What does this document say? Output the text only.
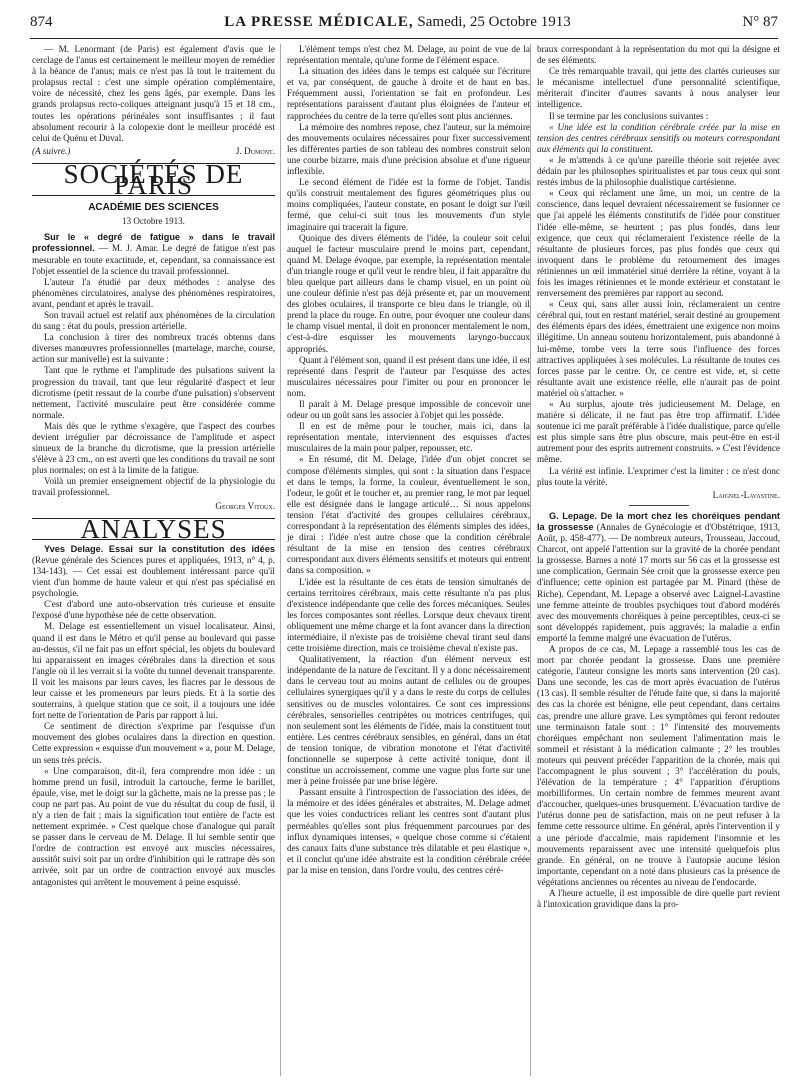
874	LA PRESSE MÉDICALE, Samedi, 25 Octobre 1913	N° 87

— M. Lenormant (de Paris) est également d'avis que le cerclage de l'anus est certainement le meilleur moyen de remédier à la béance de l'anus; mais ce n'est pas là tout le traitement du prolapsus rectal : c'est une simple opération complémentaire, voire de nécessité, chez les gens âgés, par exemple. Dans les grands prolapsus recto-coliques atteignant jusqu'à 15 et 18 cm., toutes les opérations périnéales sont insuffisantes ; il faut absolument recourir à la colopexie dont le meilleur procédé est celui de Quénu et Duval.

(A suivre.)	J. Dumont.
SOCIÉTÉS DE PARIS
ACADÉMIE DES SCIENCES
13 Octobre 1913.

Sur le « degré de fatigue » dans le travail professionnel. — M. J. Amar. Le degré de fatigue n'est pas mesurable en toute exactitude, et, cependant, sa connaissance est l'objet essentiel de la science du travail professionnel.

L'auteur l'a étudié par deux méthodes : analyse des phénomènes circulatoires, analyse des phénomènes respiratoires, avant, pendant et après le travail.

Son travail actuel est relatif aux phénomènes de la circulation du sang : état du pouls, pression artérielle.

La conclusion à tirer des nombreux tracés obtenus dans diverses manœuvres professionnelles (martelage, marche, course, action sur manivelle) est la suivante :

Tant que le rythme et l'amplitude des pulsations suivent la progression du travail, tant que leur régularité d'aspect et leur dicrotisme (petit ressaut de la courbe d'une pulsation) s'observent nettement, l'activité musculaire peut être considérée comme normale.

Mais dès que le rythme s'exagère, que l'aspect des courbes devient irrégulier par décroissance de l'amplitude et aspect sinueux de la branche du dicrotisme, que la pression artérielle s'élève à 23 cm., on est averti que les conditions du travail ne sont plus normales; on est à la limite de la fatigue.

Voilà un premier enseignement objectif de la physiologie du travail professionnel.

Georges Vitoux.
ANALYSES

Yves Delage. Essai sur la constitution des idées (Revue générale des Sciences pures et appliquées, 1913, n° 4, p. 134-143). — Cet essai est doublement intéressant parce qu'il vient d'un homme de haute valeur et qui n'est pas spécialisé en psychologie.

C'est d'abord une auto-observation très curieuse et ensuite l'exposé d'une hypothèse née de cette observation.

M. Delage est essentiellement un visuel localisateur. Ainsi, quand il est dans le Métro et qu'il pense au boulevard qui passe au-dessus, s'il ne fait pas un effort spécial, les objets du boulevard lui apparaissent en images cérébrales dans la direction et sous l'angle où il les verrait si la voûte du tunnel devenait transparente. Il voit les maisons par leurs caves, les fiacres par le dessous de leur caisse et les promeneurs par leurs pieds. Et à la sortie des souterrains, à quelque station que ce soit, il a toujours une idée fort nette de l'orientation de Paris par rapport à lui.

Ce sentiment de direction s'exprime par l'esquisse d'un mouvement des globes oculaires dans la direction en question. Cette expression « esquisse d'un mouvement » a, pour M. Delage, un sens très précis.

« Une comparaison, dit-il, fera comprendre mon idée : un homme prend un fusil, introduit la cartouche, ferme le barillet, épaule, vise, met le doigt sur la gâchette, mais ne la presse pas ; le coup ne part pas. Au point de vue du résultat du coup de fusil, il n'y a rien de fait ; mais la signification tout entière de l'acte est nettement exprimée. » C'est quelque chose d'analogue qui paraît se passer dans le cerveau de M. Delage. Il lui semble sentir que l'ordre de contraction est envoyé aux muscles nécessaires, aussitôt suivi soit par un ordre d'inhibition qui le rattrape dès son arrivée, soit par un ordre de contraction envoyé aux muscles antagonistes qui arrêtent le mouvement à peine esquissé.

L'élément temps n'est chez M. Delage, au point de vue de la représentation mentale, qu'une forme de l'élément espace.

La situation des idées dans le temps est calquée sur l'écriture et va, par conséquent, de gauche à droite et de haut en bas. Fréquemment aussi, l'orientation se fait en profondeur. Les représentations paraissent d'autant plus éloignées de l'auteur et rapprochées du centre de la terre qu'elles sont plus anciennes.

La mémoire des nombres repose, chez l'auteur, sur la mémoire des mouvements oculaires nécessaires pour fixer successivement les différentes parties de son tableau des nombres construit selon une courbe bizarre, mais d'une précision absolue et d'une rigueur inflexible.

Le second élément de l'idée est la forme de l'objet. Tandis qu'ils construit mentalement des figures géométriques plus ou moins compliquées, l'auteur constate, en posant le doigt sur l'œil fermé, que celui-ci suit tous les mouvements d'un style imaginaire qui tracerait la figure.

Quoique des divers éléments de l'idée, la couleur soit celui auquel le facteur musculaire prend le moins part, cependant, quand M. Delage évoque, par exemple, la représentation mentale d'un triangle rouge et qu'il veut le rendre bleu, il fait apparaître du bleu quelque part ailleurs dans le champ visuel, en un point où une couleur définie n'est pas déjà présente et, par un mouvement des globes oculaires, il transporte ce bleu dans le triangle, où il prend la place du rouge. En outre, pour évoquer une couleur dans le champ visuel mental, il doit en prononcer mentalement le nom, c'est-à-dire esquisser les mouvements laryngo-buccaux appropriés.

Quant à l'élément son, quand il est présent dans une idée, il est représenté dans l'esprit de l'auteur par l'esquisse des actes musculaires nécessaires pour l'imiter ou pour en prononcer le nom.

Il paraît à M. Delage presque impossible de concevoir une odeur ou un goût sans les associer à l'objet qui les possède.

Il en est de même pour le toucher, mais ici, dans la représentation mentale, interviennent des esquisses d'actes musculaires de la main pour palper, repousser, etc.

« En résumé, dit M. Delage, l'idée d'un objet concret se compose d'éléments simples, qui sont : la situation dans l'espace et dans le temps, la forme, la couleur, éventuellement le son, l'odeur, le goût et le toucher et, au premier rang, le mot par lequel elle est désignée dans le langage articulé… Si nous appelons tension l'état d'activité des groupes cellulaires cérébraux, correspondant à la représentation des éléments simples des idées, je dirai : l'idée n'est autre chose que la condition cérébrale résultant de la mise en tension des centres cérébraux correspondant aux divers éléments sensitifs et moteurs qui entrent dans sa composition. »

L'idée est la résultante de ces états de tension simultanés de certains territoires cérébraux, mais cette résultante n'a pas plus d'existence indépendante que celle des forces mécaniques. Seules les forces composantes sont réelles. Lorsque deux chevaux tirent obliquement une même charge et la font avancer dans la direction intermédiaire, il n'existe pas de troisième cheval tirant seul dans cette troisième direction, mais ce troisième cheval n'existe pas.

Qualitativement, la réaction d'un élément nerveux est indépendante de la nature de l'excitant. Il y a donc nécessairement dans le cerveau tout au moins autant de cellules ou de groupes cellulaires synergiques qu'il y a dans le reste du corps de cellules sensitives ou de muscles volontaires. Ce sont ces impressions cérébrales, sensorielles centripètes ou motrices centrifuges, qui non seulement sont les éléments de l'idée, mais la constituent tout entière. Les centres cérébraux sensibles, en général, dans un état de tension tonique, de vibration monotone et l'état d'activité fonctionnelle se superpose à cette activité tonique, dont il constitue un accroissement, comme une vague plus forte sur une mer à peine froissée par une brise légère.

Passant ensuite à l'introspection de l'association des idées, de la mémoire et des idées générales et abstraites, M. Delage admet que les voies conductrices reliant les centres sont d'autant plus perméables qu'elles sont plus fréquemment parcourues par des influx dynamiques intenses, « quelque chose comme si c'étaient des canaux faits d'une substance très dilatable et peu élastique », et il conclut qu'une idée abstraite est la condition cérébrale créée par la mise en tension, dans l'ordre voulu, des centres céré-

braux correspondant à la représentation du mot qui la désigne et de ses éléments.

Ce très remarquable travail, qui jette des clartés curieuses sur le mécanisme intellectuel d'une personnalité scientifique, mériterait d'inciter d'autres savants à nous analyser leur intelligence.

Il se termine par les conclusions suivantes :

« Une idée est la condition cérébrale créée par la mise en tension des centres cérébraux sensitifs ou moteurs correspondant aux éléments qui la constituent.

« Je m'attends à ce qu'une pareille théorie soit rejetée avec dédain par les philosophes spiritualistes et par tous ceux qui sont restés imbus de la philosophie dualistique cartésienne.

« Ceux qui réclament une âme, un moi, un centre de la conscience, dans lequel devraient nécessairement se fusionner ce que j'ai appelé les éléments constitutifs de l'idée pour constituer l'idée elle-même, se heurtent ; pas plus fondés, dans leur exigence, que ceux qui réclameraient l'existence réelle de la résultante de plusieurs forces, pas plus fondés que ceux qui invoquent dans le problème du retournement des images rétiniennes un œil immatériel situé derrière la rétine, voyant à la fois les images rétiniennes et le monde extérieur et constatant le renversement des premières par rapport au second.

« Ceux qui, sans aller aussi loin, réclameraient un centre cérébral qui, tout en restant matériel, serait destiné au groupement des éléments épars des idées, émettraient une exigence non moins illégitime. Un anneau soutenu horizontalement, puis abandonné à lui-même, tombe vers la terre sous l'influence des forces attractives appliquées à ses molécules. La résultante de toutes ces forces passe par le centre. Or, ce centre est vide, et, si cette résultante avait une existence réelle, elle n'aurait pas de point matériel où s'attacher. »

« Au surplus, ajoute très judicieusement M. Delage, en matière si délicate, il ne faut pas être trop affirmatif. L'idée soutenue ici me paraît préférable à l'idée dualistique, parce qu'elle est plus simple sans être plus obscure, mais peut-être en est-il autrement pour des esprits autrement construits. » C'est l'évidence même.

La vérité est infinie. L'exprimer c'est la limiter : ce n'est donc plus toute la vérité.

Laignel-Lavastine.

G. Lepage. De la mort chez les choréiques pendant la grossesse (Annales de Gynécologie et d'Obstétrique, 1913, Août, p. 458-477). — De nombreux auteurs, Trousseau, Jaccoud, Charcot, ont appelé l'attention sur la gravité de la chorée pendant la grossesse. Barnes a noté 17 morts sur 56 cas et la grossesse est une complication, Germain Sée croit que la grossesse exerce peu d'influence; cette opinion est partagée par M. Pinard (thèse de Riche). Cependant, M. Lepage a observé avec Laignel-Lavastine une femme atteinte de troubles psychiques tout d'abord modérés avec des mouvements choréiques à peine perceptibles, ceux-ci se sont développés rapidement, puis aggravés; la maladie a enfin emporté la femme malgré une évacuation de l'utérus.

A propos de ce cas, M. Lepage a rassemblé tous les cas de mort par chorée pendant la grossesse. Dans une première catégorie, l'auteur consigne les morts sans intervention (20 cas). Dans une seconde, les cas de mort après évacuation de l'utérus (13 cas). Il semble résulter de l'étude faite que, si dans la majorité des cas la chorée est bénigne, elle peut cependant, dans certains cas, prendre une allure grave. Les symptômes qui feront redouter une terminaison fatale sont : 1° l'intensité des mouvements choréiques empêchant non seulement l'alimentation mais le sommeil et résistant à la médication calmante ; 2° les troubles moteurs qui peuvent précéder l'apparition de la chorée, mais qui l'accompagnent le plus souvent ; 3° l'accélération du pouls, l'élévation de la température ; 4° l'apparition d'éruptions morbilliformes. Un certain nombre de femmes meurent avant d'accoucher, quelques-unes brusquement. L'évacuation tardive de l'utérus donne peu de satisfaction, mais on ne peut refuser à la femme cette ressource ultime. En général, après l'intervention il y a une période d'accalmie, mais rapidement l'insomnie et les mouvements reparaissent avec une intensité quelquefois plus grande. En général, on ne trouve à l'autopsie aucune lésion importante, cependant on a noté dans plusieurs cas la présence de végétations anciennes ou récentes au niveau de l'endocarde.

A l'heure actuelle, il est impossible de dire quelle part revient à l'intoxication gravidique dans la pro-
